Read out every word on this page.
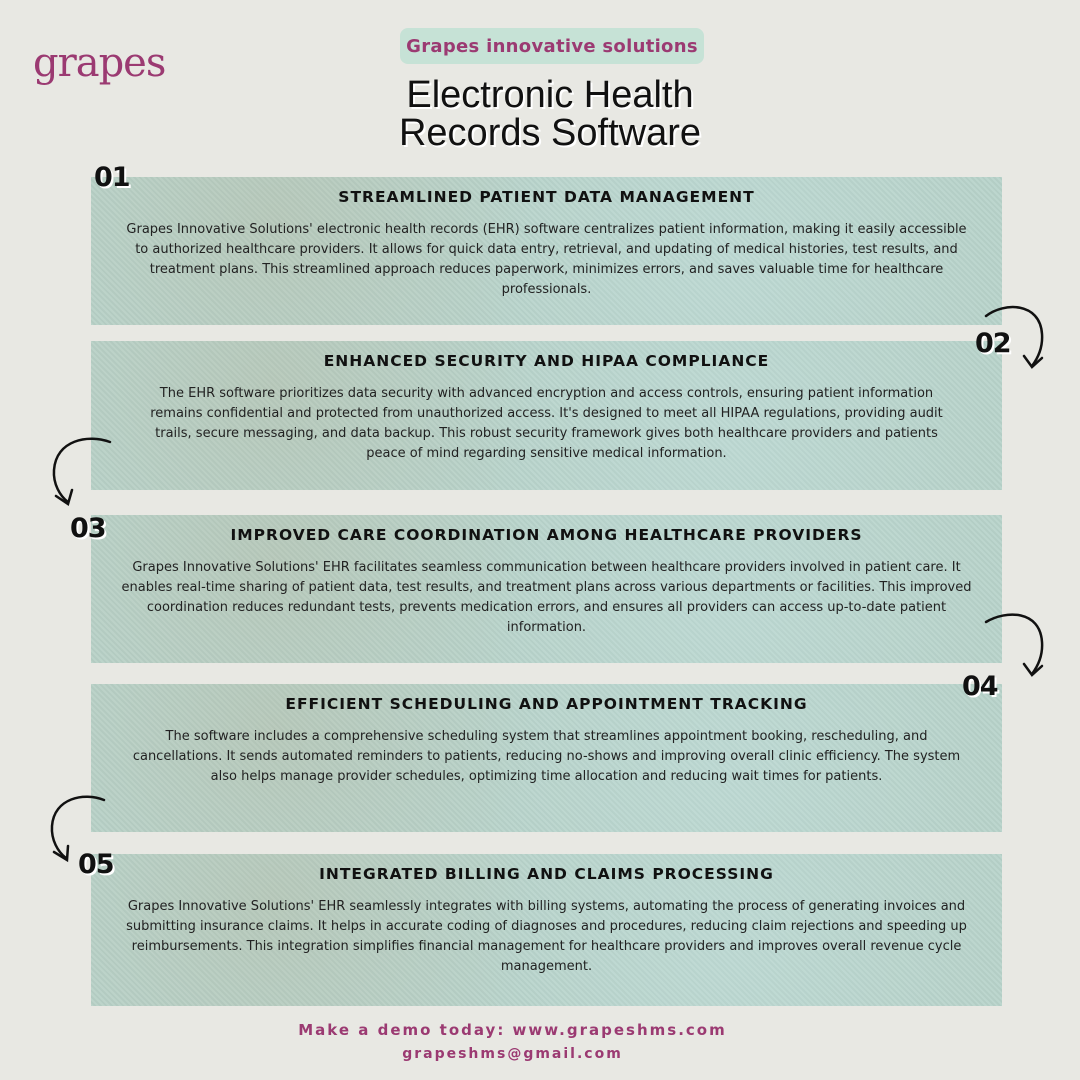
grapes	Grapes innovative solutions
Electronic Health
Records Software
STREAMLINED PATIENT DATA MANAGEMENT

Grapes Innovative Solutions' electronic health records (EHR) software centralizes patient information, making it easily accessible to authorized healthcare providers. It allows for quick data entry, retrieval, and updating of medical histories, test results, and treatment plans. This streamlined approach reduces paperwork, minimizes errors, and saves valuable time for healthcare professionals.

01
ENHANCED SECURITY AND HIPAA COMPLIANCE

The EHR software prioritizes data security with advanced encryption and access controls, ensuring patient information remains confidential and protected from unauthorized access. It's designed to meet all HIPAA regulations, providing audit trails, secure messaging, and data backup. This robust security framework gives both healthcare providers and patients peace of mind regarding sensitive medical information.

02
IMPROVED CARE COORDINATION AMONG HEALTHCARE PROVIDERS

Grapes Innovative Solutions' EHR facilitates seamless communication between healthcare providers involved in patient care. It enables real-time sharing of patient data, test results, and treatment plans across various departments or facilities. This improved coordination reduces redundant tests, prevents medication errors, and ensures all providers can access up-to-date patient information.

03
EFFICIENT SCHEDULING AND APPOINTMENT TRACKING

The software includes a comprehensive scheduling system that streamlines appointment booking, rescheduling, and cancellations. It sends automated reminders to patients, reducing no-shows and improving overall clinic efficiency. The system also helps manage provider schedules, optimizing time allocation and reducing wait times for patients.

04
INTEGRATED BILLING AND CLAIMS PROCESSING

Grapes Innovative Solutions' EHR seamlessly integrates with billing systems, automating the process of generating invoices and submitting insurance claims. It helps in accurate coding of diagnoses and procedures, reducing claim rejections and speeding up reimbursements. This integration simplifies financial management for healthcare providers and improves overall revenue cycle management.

05
Make a demo today: www.grapeshms.com
grapeshms@gmail.com
